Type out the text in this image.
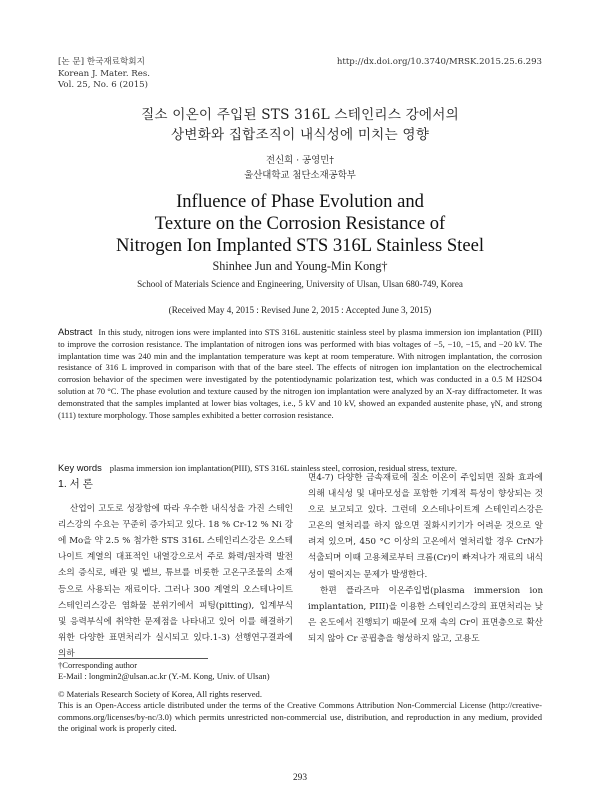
[논 문] 한국재료학회지
Korean J. Mater. Res.
Vol. 25, No. 6 (2015)
http://dx.doi.org/10.3740/MRSK.2015.25.6.293
질소 이온이 주입된 STS 316L 스테인리스 강에서의
상변화와 집합조직이 내식성에 미치는 영향
전신희 · 공영민†
울산대학교 첨단소재공학부
Influence of Phase Evolution and
Texture on the Corrosion Resistance of
Nitrogen Ion Implanted STS 316L Stainless Steel
Shinhee Jun and Young-Min Kong†
School of Materials Science and Engineering, University of Ulsan, Ulsan 680-749, Korea
(Received May 4, 2015 : Revised June 2, 2015 : Accepted June 3, 2015)
Abstract In this study, nitrogen ions were implanted into STS 316L austenitic stainless steel by plasma immersion ion implantation (PIII) to improve the corrosion resistance. The implantation of nitrogen ions was performed with bias voltages of −5, −10, −15, and −20 kV. The implantation time was 240 min and the implantation temperature was kept at room temperature. With nitrogen implantation, the corrosion resistance of 316 L improved in comparison with that of the bare steel. The effects of nitrogen ion implantation on the electrochemical corrosion behavior of the specimen were investigated by the potentiodynamic polarization test, which was conducted in a 0.5 M H2SO4 solution at 70 °C. The phase evolution and texture caused by the nitrogen ion implantation were analyzed by an X-ray diffractometer. It was demonstrated that the samples implanted at lower bias voltages, i.e., 5 kV and 10 kV, showed an expanded austenite phase, γN, and strong (111) texture morphology. Those samples exhibited a better corrosion resistance.
Key words plasma immersion ion implantation(PIII), STS 316L stainless steel, corrosion, residual stress, texture.
1. 서 론

산업이 고도로 성장함에 따라 우수한 내식성을 가진 스테인리스강의 수요는 꾸준히 증가되고 있다. 18 % Cr-12 % Ni 강에 Mo을 약 2.5 % 첨가한 STS 316L 스테인리스강은 오스테나이트 계열의 대표적인 내열강으로서 주로 화력/원자력 발전소의 증식로, 배관 및 벨브, 튜브를 비롯한 고온구조물의 소재 등으로 사용되는 재료이다. 그러나 300 계열의 오스테나이트 스테인리스강은 염화물 분위기에서 피팅(pitting), 입계부식 및 응력부식에 취약한 문제점을 나타내고 있어 이를 해결하기 위한 다양한 표면처리가 실시되고 있다.1-3) 선행연구결과에 의하

면4-7) 다양한 금속재료에 질소 이온이 주입되면 질화 효과에 의해 내식성 및 내마모성을 포함한 기계적 특성이 향상되는 것으로 보고되고 있다. 그런데 오스테나이트계 스테인리스강은 고온의 열처리를 하지 않으면 질화시키기가 어려운 것으로 알려져 있으며, 450 °C 이상의 고온에서 열처리할 경우 CrN가 석출되며 이때 고용체로부터 크롬(Cr)이 빠져나가 재료의 내식성이 떨어지는 문제가 발생한다.

한편 플라즈마 이온주입법(plasma immersion ion implantation, PIII)을 이용한 스테인리스강의 표면처리는 낮은 온도에서 진행되기 때문에 모재 속의 Cr이 표면층으로 확산되지 않아 Cr 공핍층을 형성하지 않고, 고용도

†Corresponding author
E-Mail : longmin2@ulsan.ac.kr (Y.-M. Kong, Univ. of Ulsan)
© Materials Research Society of Korea, All rights reserved.
This is an Open-Access article distributed under the terms of the Creative Commons Attribution Non-Commercial License (http://creative-commons.org/licenses/by-nc/3.0) which permits unrestricted non-commercial use, distribution, and reproduction in any medium, provided the original work is properly cited.
293
